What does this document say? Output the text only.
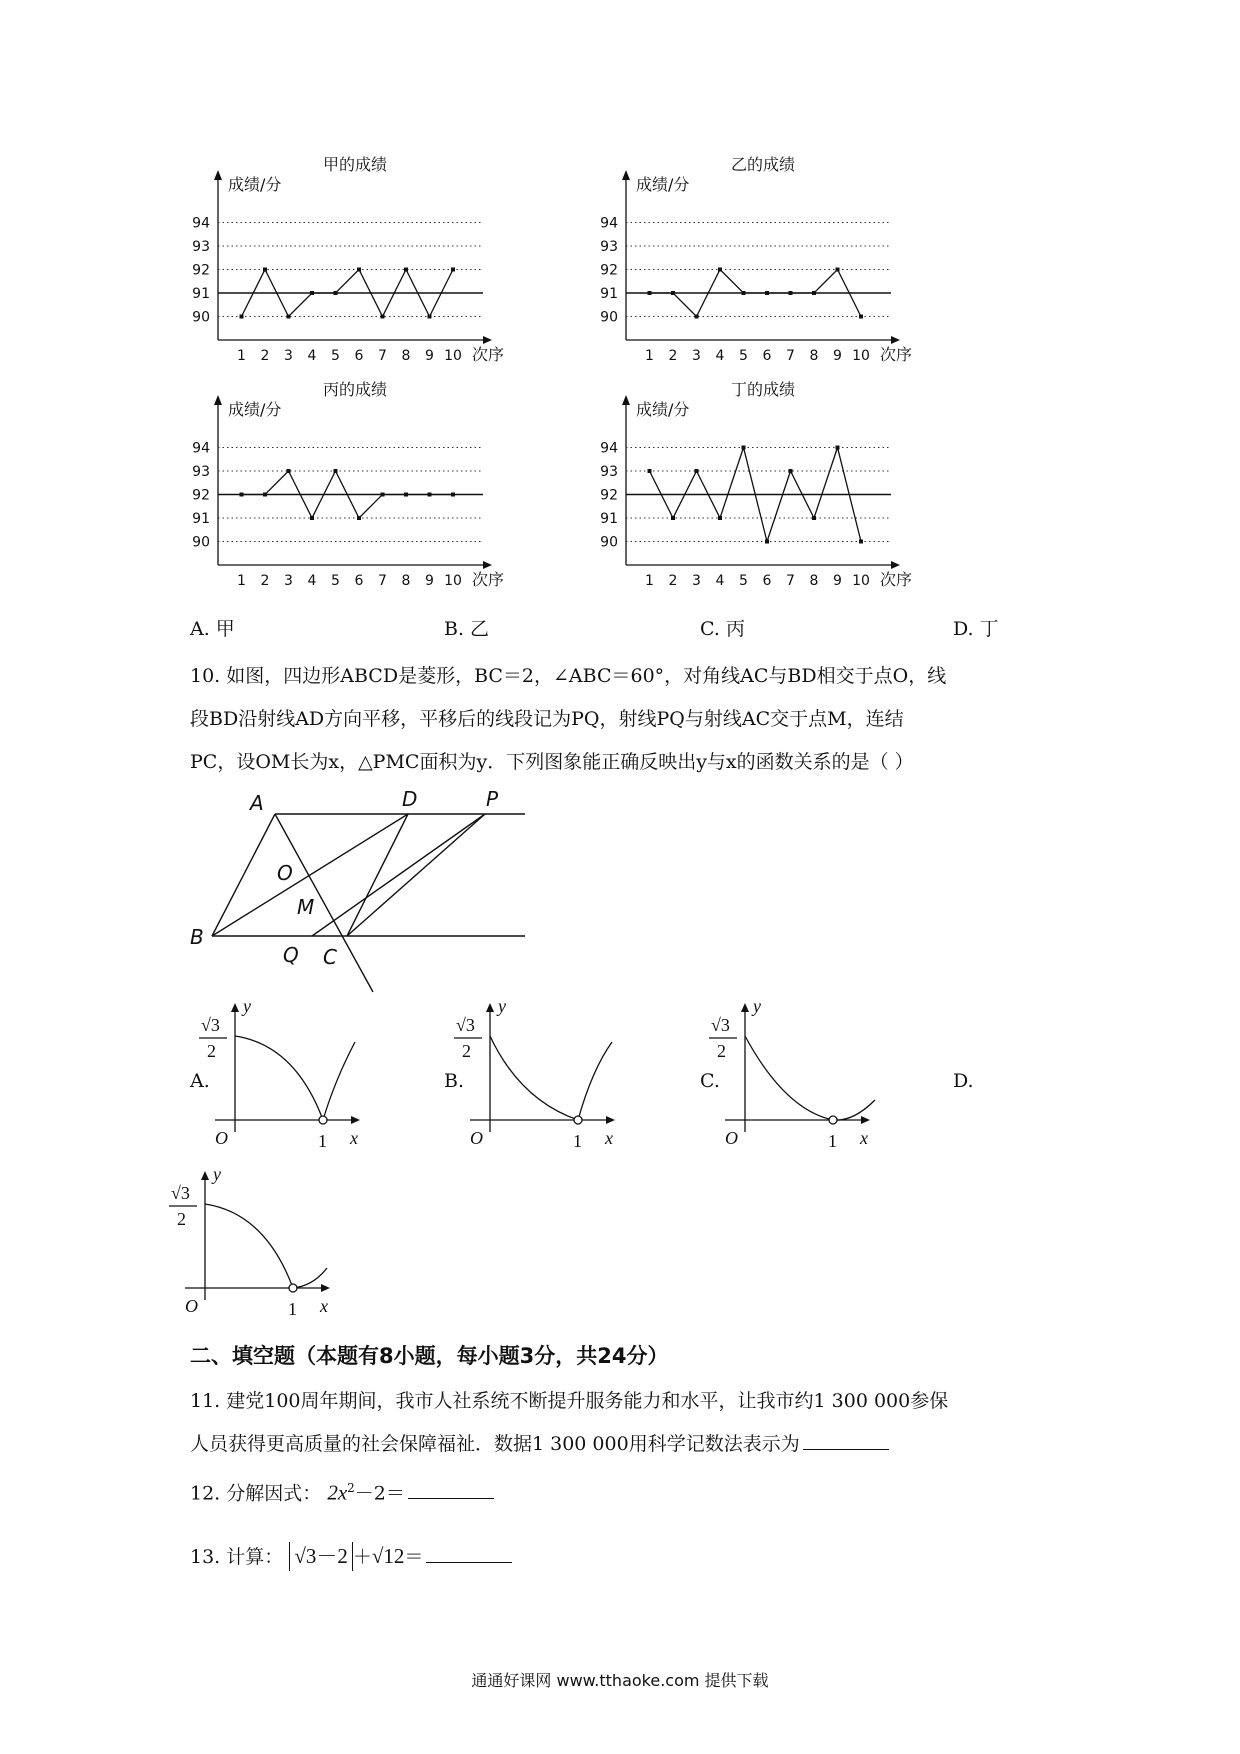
甲的成绩
成绩/分
次序
90
91
92
93
94
1 2 3 4 5 6 7 8 9 10
乙的成绩
成绩/分
次序
90
91
92
93
94
1 2 3 4 5 6 7 8 9 10
丙的成绩
成绩/分
次序
90
91
92
93
94
1 2 3 4 5 6 7 8 9 10
丁的成绩
成绩/分
次序
90
91
92
93
94
1 2 3 4 5 6 7 8 9 10
A. 甲	B. 乙	C. 丙	D. 丁
10. 如图，四边形ABCD是菱形，BC＝2，∠ABC＝60°，对角线AC与BD相交于点O，线
段BD沿射线AD方向平移，平移后的线段记为PQ，射线PQ与射线AC交于点M，连结
PC，设OM长为x，△PMC面积为y．下列图象能正确反映出y与x的函数关系的是（ ）
A	D	P
O
M
B
Q C
A.	B.	C.	D.
y
x
O	1
√3
2
y
x
O	1
√3
2
y
x
O	1
√3
2
y
x
O	1
√3
2
二、填空题（本题有8小题，每小题3分，共24分）
11. 建党100周年期间，我市人社系统不断提升服务能力和水平，让我市约1 300 000参保
人员获得更高质量的社会保障福祉．数据1 300 000用科学记数法表示为
12. 分解因式： $2x^2-2=$
13. 计算： √3－2 ＋√12＝
通通好课网 www.tthaoke.com 提供下载
